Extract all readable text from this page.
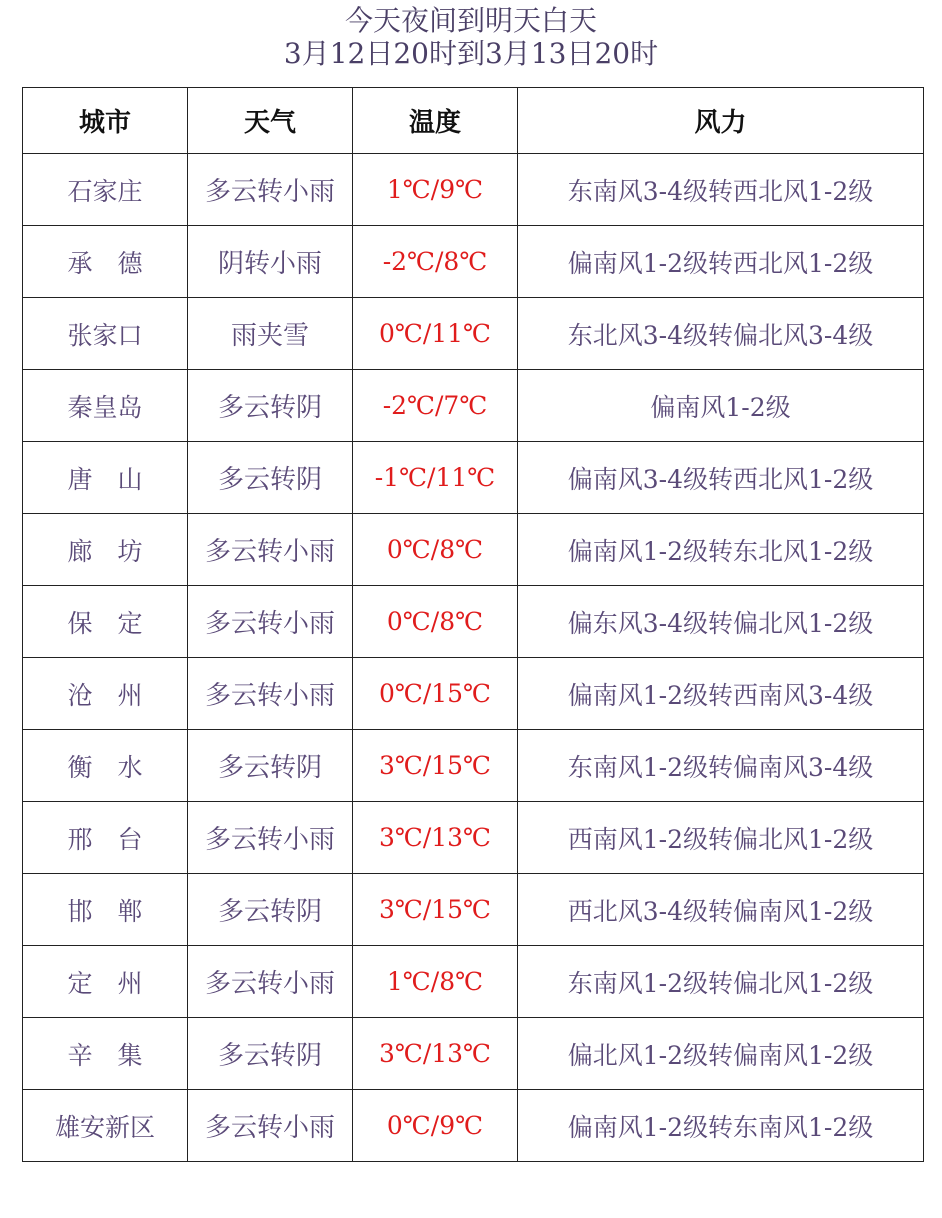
今天夜间到明天白天
3月12日20时到3月13日20时
城市	天气	温度	风力
石家庄	多云转小雨	1℃/9℃	东南风3-4级转西北风1-2级
承　德	阴转小雨	-2℃/8℃	偏南风1-2级转西北风1-2级
张家口	雨夹雪	0℃/11℃	东北风3-4级转偏北风3-4级
秦皇岛	多云转阴	-2℃/7℃	偏南风1-2级
唐　山	多云转阴	-1℃/11℃	偏南风3-4级转西北风1-2级
廊　坊	多云转小雨	0℃/8℃	偏南风1-2级转东北风1-2级
保　定	多云转小雨	0℃/8℃	偏东风3-4级转偏北风1-2级
沧　州	多云转小雨	0℃/15℃	偏南风1-2级转西南风3-4级
衡　水	多云转阴	3℃/15℃	东南风1-2级转偏南风3-4级
邢　台	多云转小雨	3℃/13℃	西南风1-2级转偏北风1-2级
邯　郸	多云转阴	3℃/15℃	西北风3-4级转偏南风1-2级
定　州	多云转小雨	1℃/8℃	东南风1-2级转偏北风1-2级
辛　集	多云转阴	3℃/13℃	偏北风1-2级转偏南风1-2级
雄安新区	多云转小雨	0℃/9℃	偏南风1-2级转东南风1-2级
